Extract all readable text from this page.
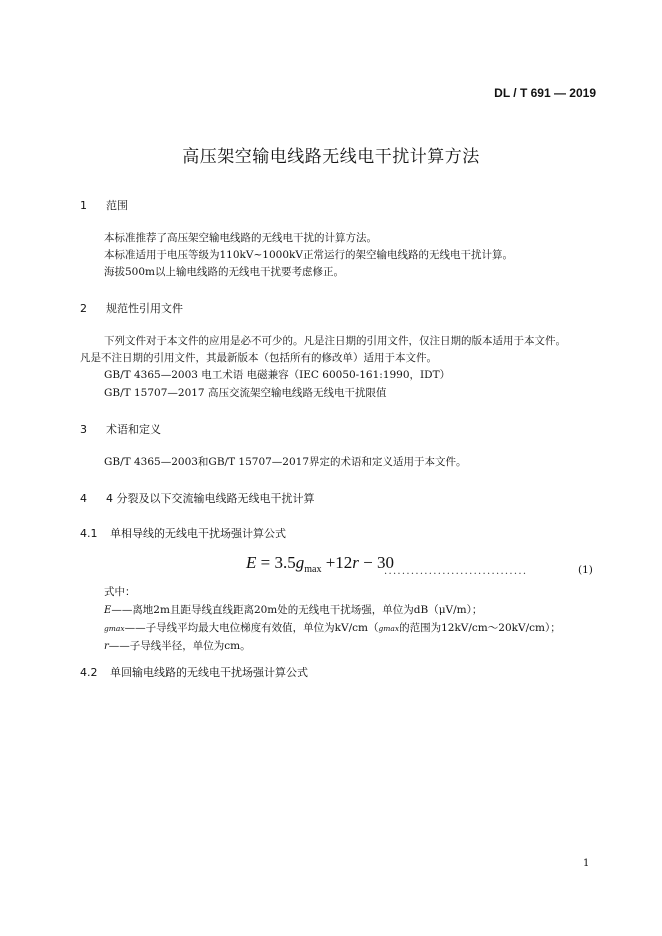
DL / T 691 — 2019
高压架空输电线路无线电干扰计算方法
1 范围
本标准推荐了高压架空输电线路的无线电干扰的计算方法。
本标准适用于电压等级为110kV~1000kV正常运行的架空输电线路的无线电干扰计算。
海拔500m以上输电线路的无线电干扰要考虑修正。
2 规范性引用文件
下列文件对于本文件的应用是必不可少的。凡是注日期的引用文件，仅注日期的版本适用于本文件。
凡是不注日期的引用文件，其最新版本（包括所有的修改单）适用于本文件。
GB/T 4365—2003 电工术语 电磁兼容（IEC 60050-161:1990，IDT）
GB/T 15707—2017 高压交流架空输电线路无线电干扰限值
3 术语和定义
GB/T 4365—2003和GB/T 15707—2017界定的术语和定义适用于本文件。
4 4 分裂及以下交流输电线路无线电干扰计算
4.1 单相导线的无线电干扰场强计算公式
$E = 3.5g_{max} +12r - 30$
................................	(1)
式中：
E——离地2m且距导线直线距离20m处的无线电干扰场强，单位为dB（μV/m）；
gmax——子导线平均最大电位梯度有效值，单位为kV/cm（gmax的范围为12kV/cm～20kV/cm）；
r——子导线半径，单位为cm。
4.2 单回输电线路的无线电干扰场强计算公式
1
